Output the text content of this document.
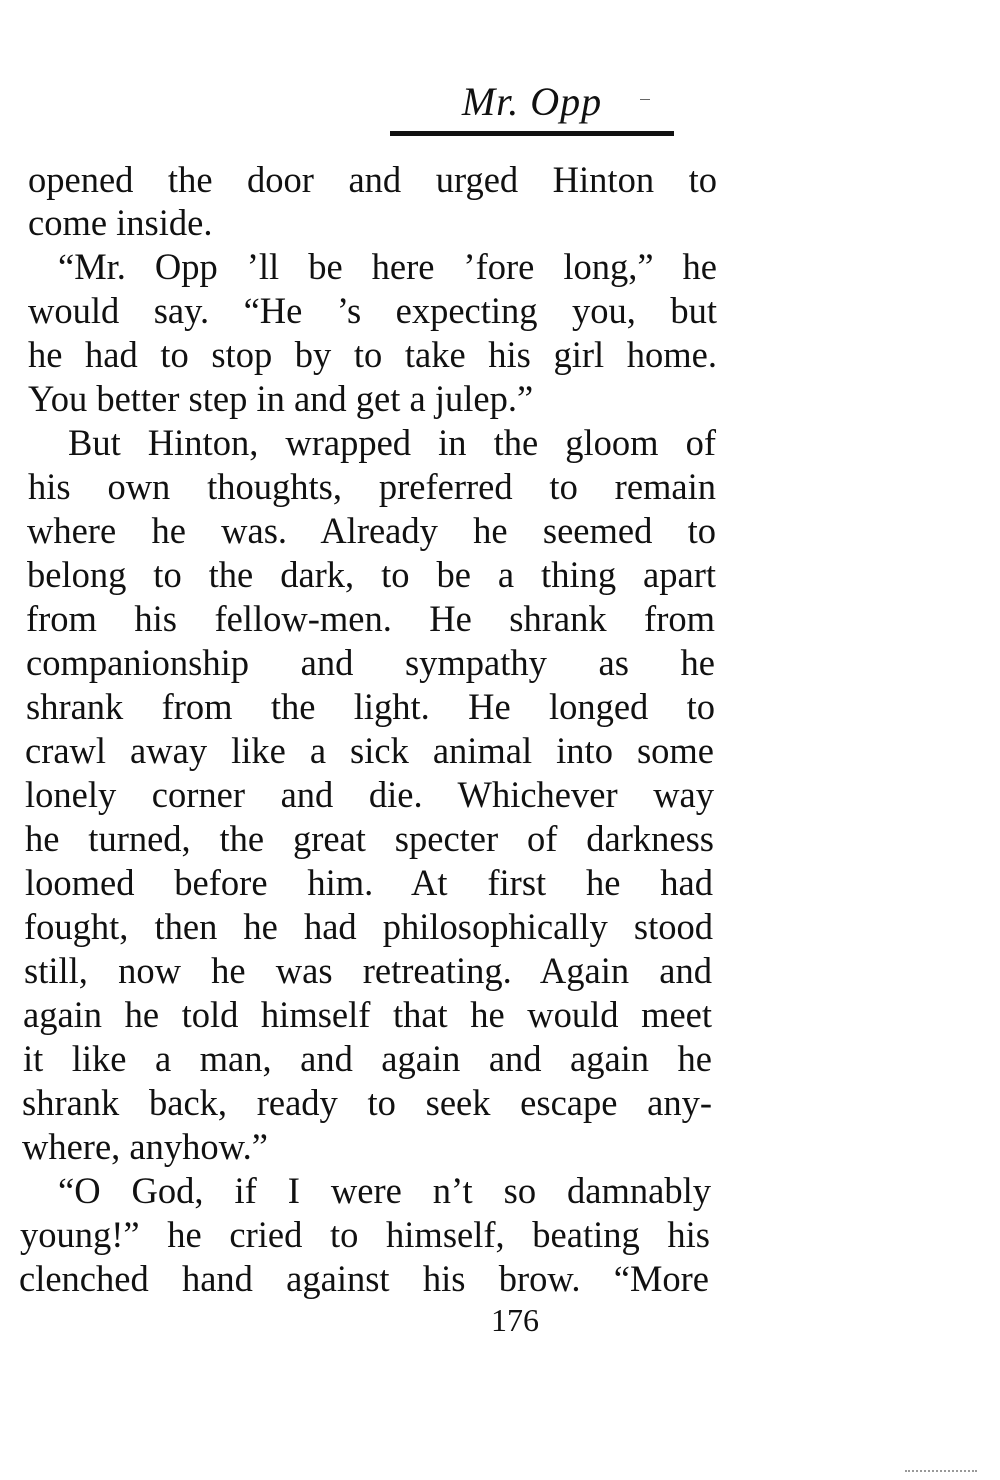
Mr. Opp
opened the door and urged Hinton to
come inside.
“Mr. Opp ’ll be here ’fore long,” he
would say. “He ’s expecting you, but
he had to stop by to take his girl home.
You better step in and get a julep.”
But Hinton, wrapped in the gloom of
his own thoughts, preferred to remain
where he was. Already he seemed to
belong to the dark, to be a thing apart
from his fellow-men. He shrank from
companionship and sympathy as he
shrank from the light. He longed to
crawl away like a sick animal into some
lonely corner and die. Whichever way
he turned, the great specter of darkness
loomed before him. At first he had
fought, then he had philosophically stood
still, now he was retreating. Again and
again he told himself that he would meet
it like a man, and again and again he
shrank back, ready to seek escape any-
where, anyhow.”
“O God, if I were n’t so damnably
young!” he cried to himself, beating his
clenched hand against his brow. “More
176
